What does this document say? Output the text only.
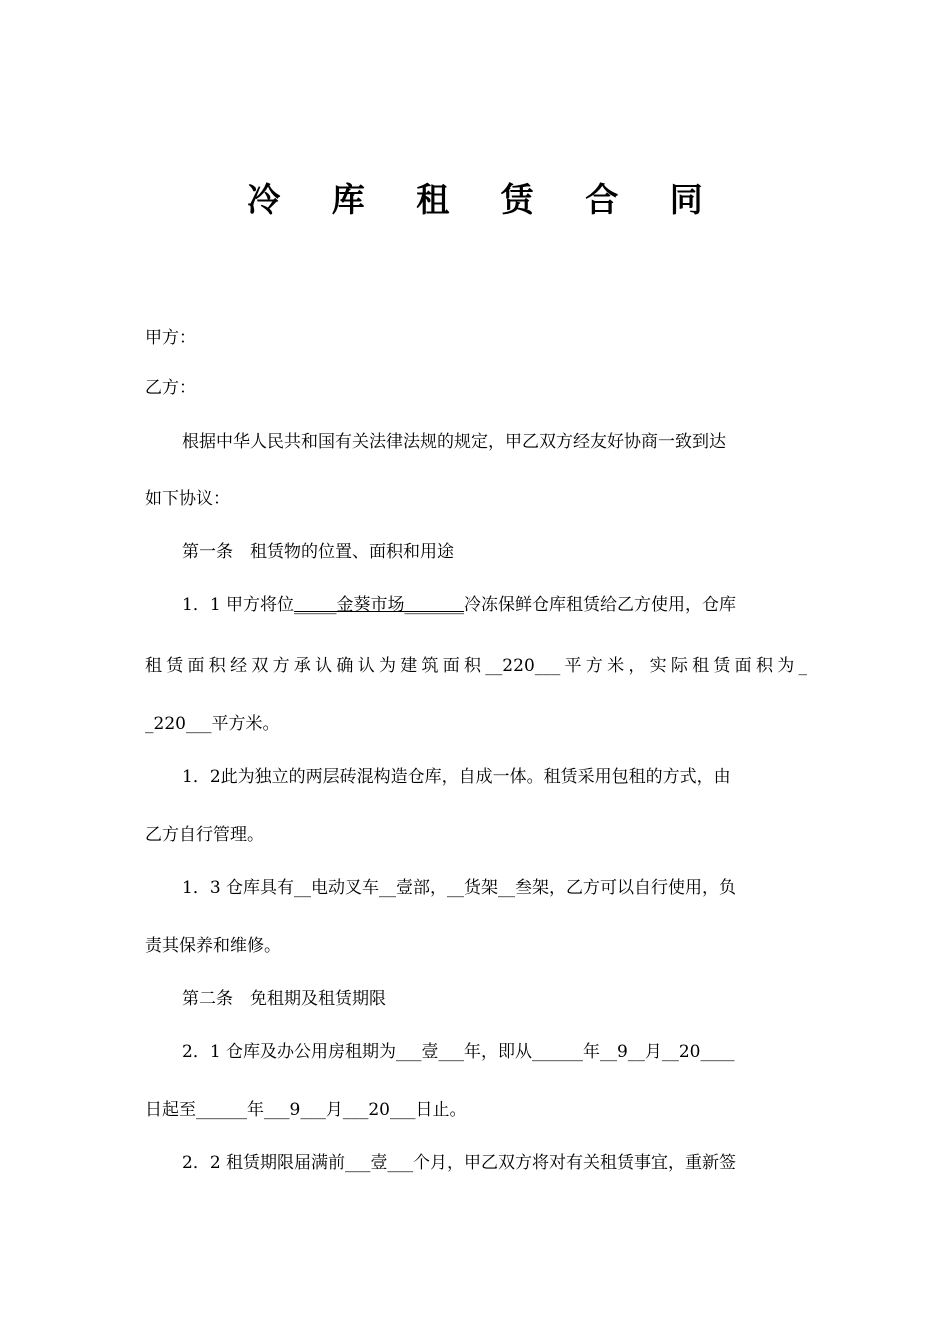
冷 库 租 赁 合 同
甲方：
乙方：
根据中华人民共和国有关法律法规的规定，甲乙双方经友好协商一致到达
如下协议：
第一条　租赁物的位置、面积和用途
1．1 甲方将位_____金葵市场_______冷冻保鲜仓库租赁给乙方使用，仓库
租赁面积经双方承认确认为建筑面积__220___平方米，实际租赁面积为_
_220___平方米。
1．2此为独立的两层砖混构造仓库，自成一体。租赁采用包租的方式，由
乙方自行管理。
1．3 仓库具有__电动叉车__壹部，__货架__叁架，乙方可以自行使用，负
责其保养和维修。
第二条　免租期及租赁期限
2．1 仓库及办公用房租期为___壹___年，即从______年__9__月__20____
日起至______年___9___月___20___日止。
2．2 租赁期限届满前___壹___个月，甲乙双方将对有关租赁事宜，重新签
